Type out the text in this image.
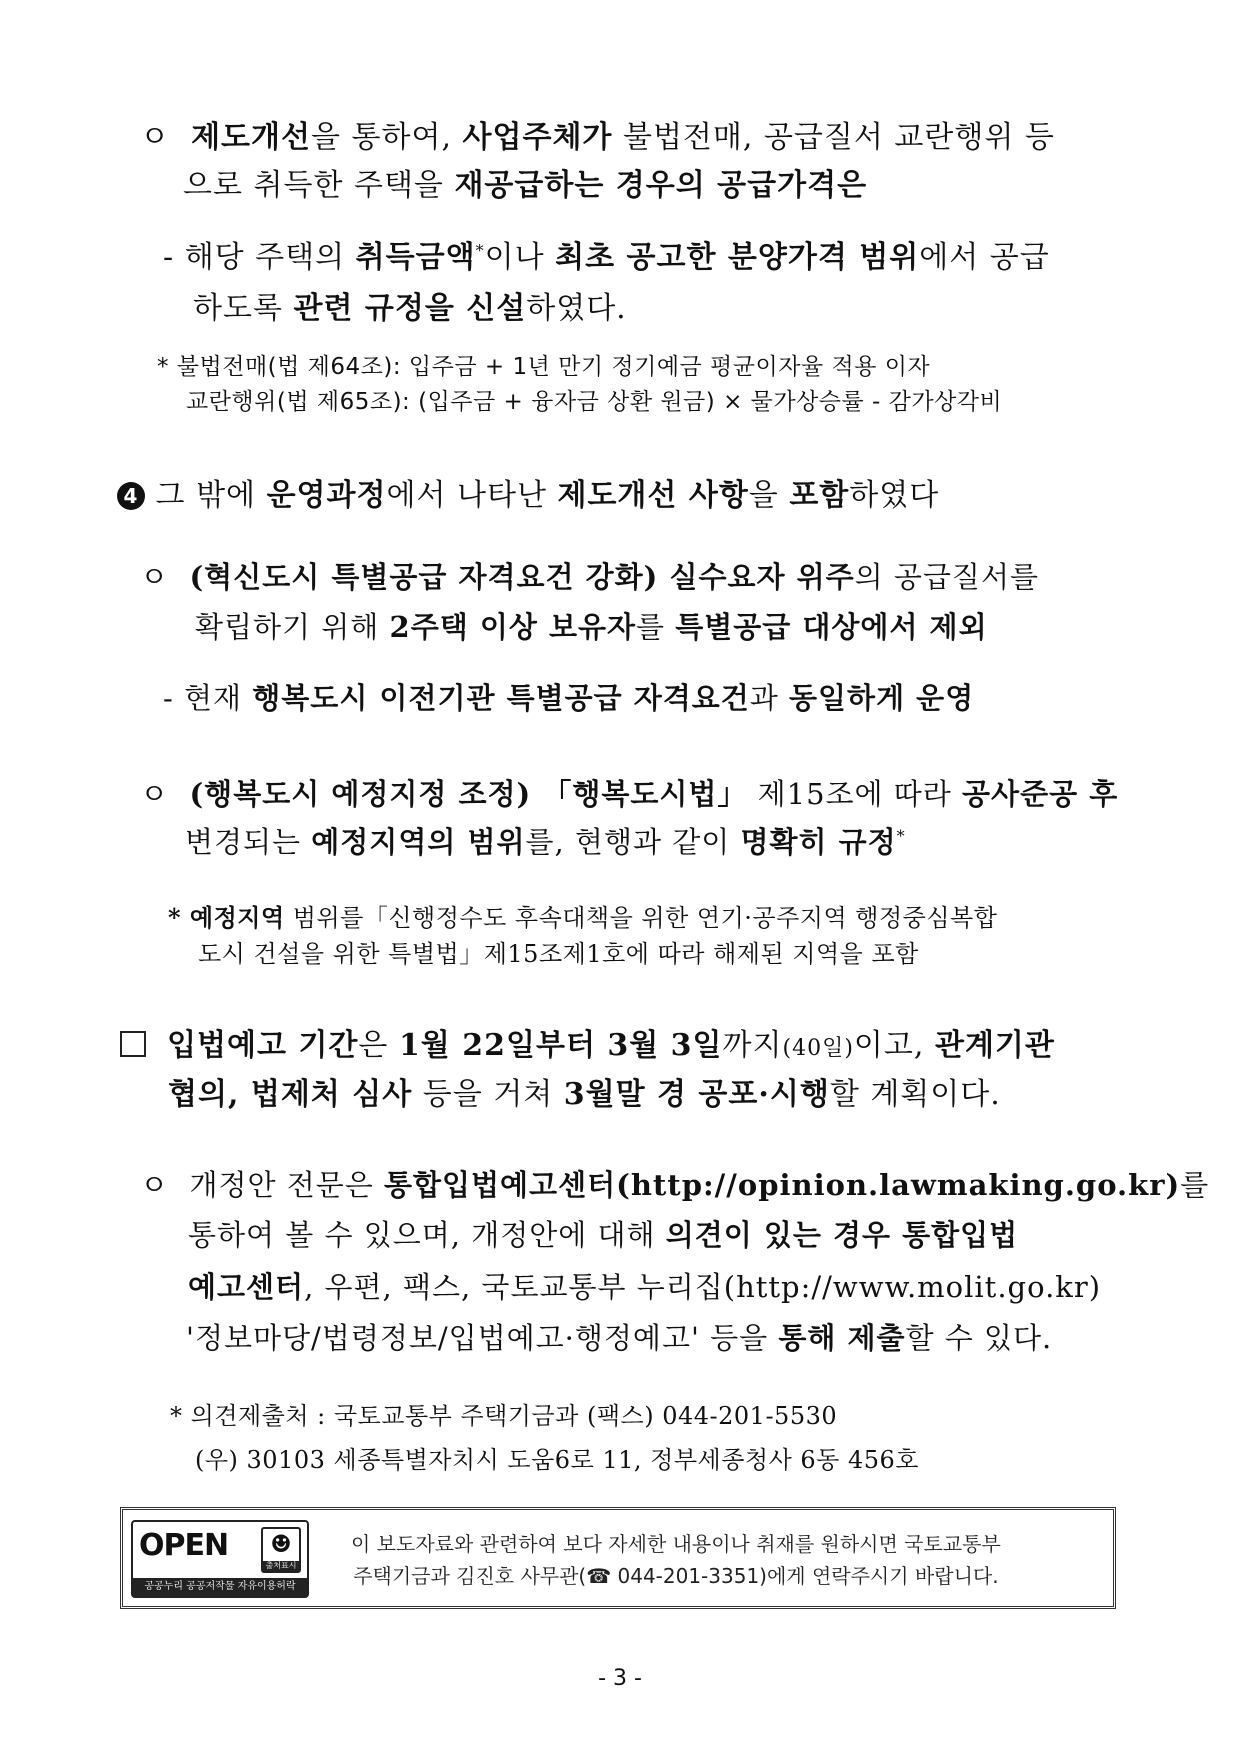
ㅇ 제도개선을 통하여, 사업주체가 불법전매, 공급질서 교란행위 등
으로 취득한 주택을 재공급하는 경우의 공급가격은
- 해당 주택의 취득금액*이나 최초 공고한 분양가격 범위에서 공급
하도록 관련 규정을 신설하였다.
* 불법전매(법 제64조): 입주금 + 1년 만기 정기예금 평균이자율 적용 이자
교란행위(법 제65조): (입주금 + 융자금 상환 원금) × 물가상승률 - 감가상각비
4 그 밖에 운영과정에서 나타난 제도개선 사항을 포함하였다
ㅇ (혁신도시 특별공급 자격요건 강화) 실수요자 위주의 공급질서를
확립하기 위해 2주택 이상 보유자를 특별공급 대상에서 제외
- 현재 행복도시 이전기관 특별공급 자격요건과 동일하게 운영
ㅇ (행복도시 예정지정 조정) 「행복도시법」 제15조에 따라 공사준공 후
변경되는 예정지역의 범위를, 현행과 같이 명확히 규정*
* 예정지역 범위를「신행정수도 후속대책을 위한 연기·공주지역 행정중심복합
도시 건설을 위한 특별법」제15조제1호에 따라 해제된 지역을 포함
입법예고 기간은 1월 22일부터 3월 3일까지(40일)이고, 관계기관
협의, 법제처 심사 등을 거쳐 3월말 경 공포·시행할 계획이다.
ㅇ 개정안 전문은 통합입법예고센터(http://opinion.lawmaking.go.kr)를
통하여 볼 수 있으며, 개정안에 대해 의견이 있는 경우 통합입법
예고센터, 우편, 팩스, 국토교통부 누리집(http://www.molit.go.kr)
'정보마당/법령정보/입법예고·행정예고' 등을 통해 제출할 수 있다.
* 의견제출처 : 국토교통부 주택기금과 (팩스) 044-201-5530
(우) 30103 세종특별자치시 도움6로 11, 정부세종청사 6동 456호
OPEN	☻
출처표시
공공누리 공공저작물 자유이용허락
이 보도자료와 관련하여 보다 자세한 내용이나 취재를 원하시면 국토교통부
주택기금과 김진호 사무관(☎ 044-201-3351)에게 연락주시기 바랍니다.
- 3 -
